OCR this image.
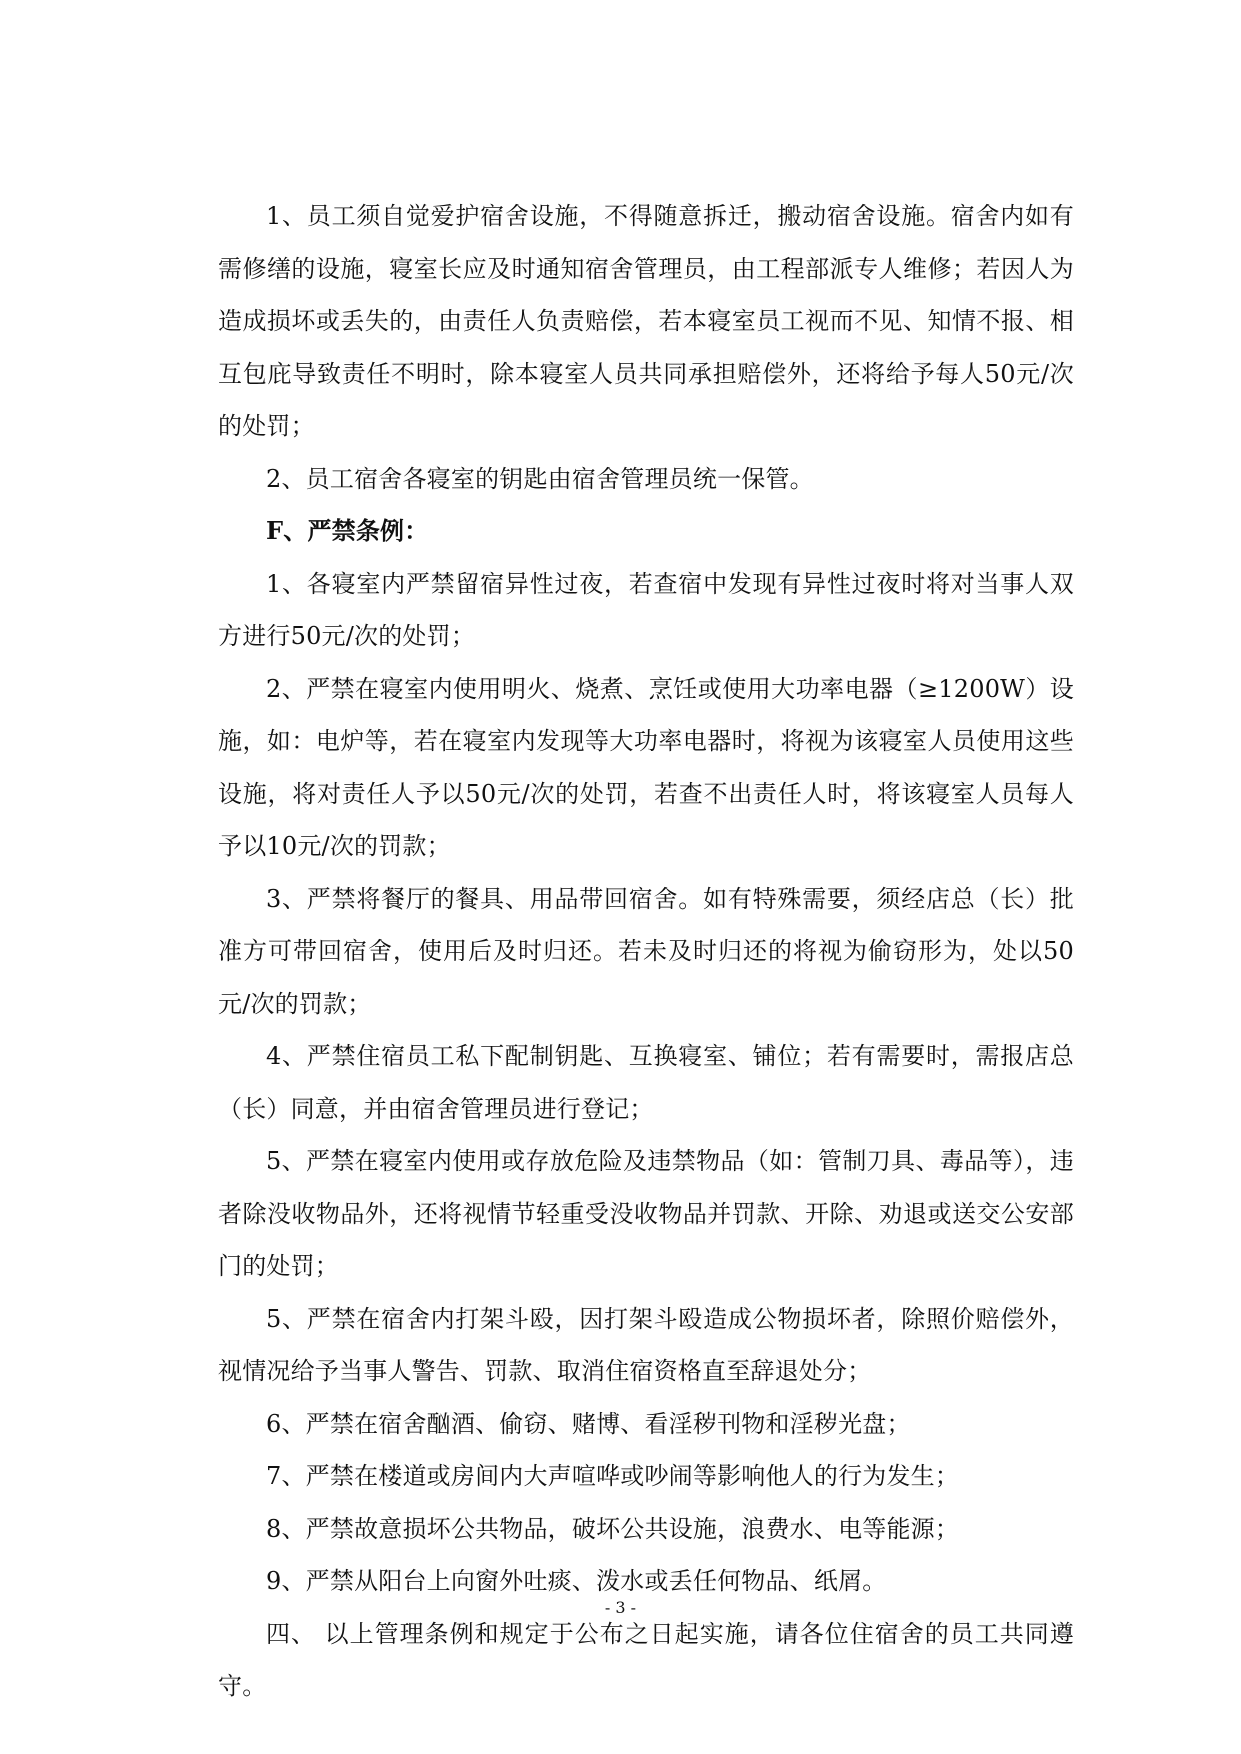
1、员工须自觉爱护宿舍设施，不得随意拆迁，搬动宿舍设施。宿舍内如有需修缮的设施，寝室长应及时通知宿舍管理员，由工程部派专人维修；若因人为造成损坏或丢失的，由责任人负责赔偿，若本寝室员工视而不见、知情不报、相互包庇导致责任不明时，除本寝室人员共同承担赔偿外，还将给予每人50元/次的处罚；

2、员工宿舍各寝室的钥匙由宿舍管理员统一保管。

F、严禁条例：

1、各寝室内严禁留宿异性过夜，若查宿中发现有异性过夜时将对当事人双方进行50元/次的处罚；

2、严禁在寝室内使用明火、烧煮、烹饪或使用大功率电器（≥1200W）设施，如：电炉等，若在寝室内发现等大功率电器时，将视为该寝室人员使用这些设施，将对责任人予以50元/次的处罚，若查不出责任人时，将该寝室人员每人予以10元/次的罚款；

3、严禁将餐厅的餐具、用品带回宿舍。如有特殊需要，须经店总（长）批准方可带回宿舍，使用后及时归还。若未及时归还的将视为偷窃形为，处以50元/次的罚款；

4、严禁住宿员工私下配制钥匙、互换寝室、铺位；若有需要时，需报店总（长）同意，并由宿舍管理员进行登记；

5、严禁在寝室内使用或存放危险及违禁物品（如：管制刀具、毒品等），违者除没收物品外，还将视情节轻重受没收物品并罚款、开除、劝退或送交公安部门的处罚；

5、严禁在宿舍内打架斗殴，因打架斗殴造成公物损坏者，除照价赔偿外，视情况给予当事人警告、罚款、取消住宿资格直至辞退处分；

6、严禁在宿舍酗酒、偷窃、赌博、看淫秽刊物和淫秽光盘；

7、严禁在楼道或房间内大声喧哗或吵闹等影响他人的行为发生；

8、严禁故意损坏公共物品，破坏公共设施，浪费水、电等能源；

9、严禁从阳台上向窗外吐痰、泼水或丢任何物品、纸屑。

四、 以上管理条例和规定于公布之日起实施，请各位住宿舍的员工共同遵守。

- 3 -
